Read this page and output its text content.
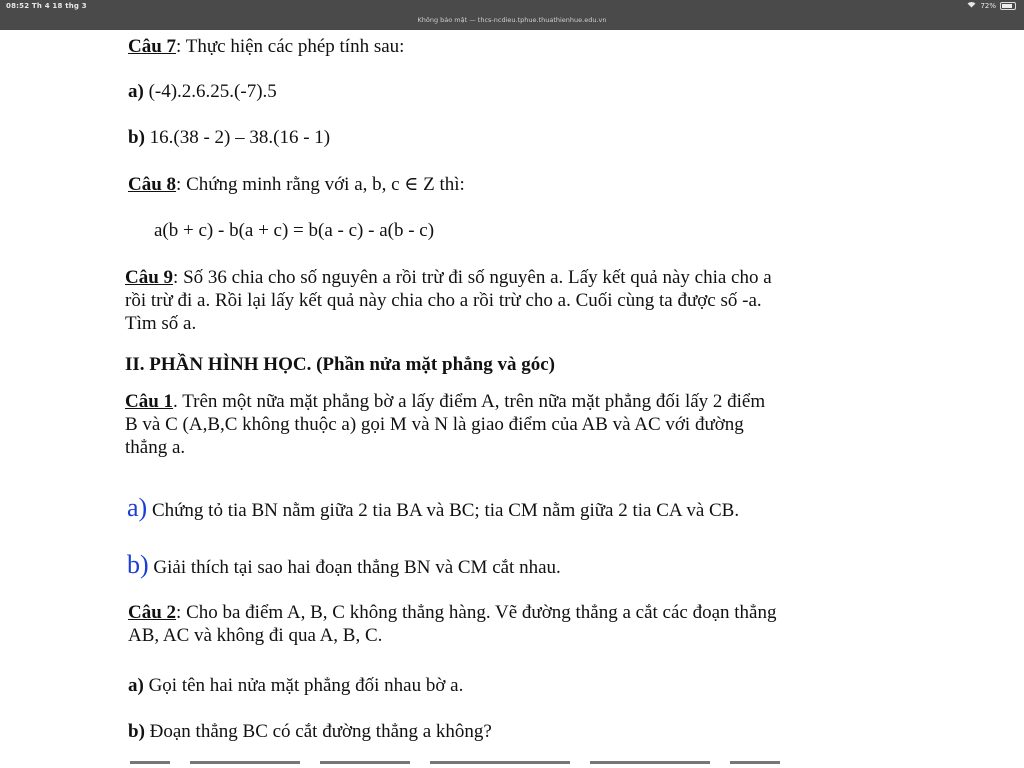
08:52 Th 4 18 thg 3
Không bảo mật — thcs-ncdieu.tphue.thuathienhue.edu.vn
72%
Câu 7: Thực hiện các phép tính sau:
a) (-4).2.6.25.(-7).5
b) 16.(38 - 2) – 38.(16 - 1)
Câu 8: Chứng minh rằng với a, b, c ∈ Z thì:
a(b + c) - b(a + c) = b(a - c) - a(b - c)
Câu 9: Số 36 chia cho số nguyên a rồi trừ đi số nguyên a. Lấy kết quả này chia cho a
rồi trừ đi a. Rồi lại lấy kết quả này chia cho a rồi trừ cho a. Cuối cùng ta được số -a.
Tìm số a.
II. PHẦN HÌNH HỌC. (Phần nửa mặt phẳng và góc)
Câu 1. Trên một nữa mặt phẳng bờ a lấy điểm A, trên nữa mặt phẳng đối lấy 2 điểm
B và C (A,B,C không thuộc a) gọi M và N là giao điểm của AB và AC với đường
thẳng a.
a) Chứng tỏ tia BN nằm giữa 2 tia BA và BC; tia CM nằm giữa 2 tia CA và CB.
b) Giải thích tại sao hai đoạn thẳng BN và CM cắt nhau.
Câu 2: Cho ba điểm A, B, C không thẳng hàng. Vẽ đường thẳng a cắt các đoạn thẳng
AB, AC và không đi qua A, B, C.
a) Gọi tên hai nửa mặt phẳng đối nhau bờ a.
b) Đoạn thẳng BC có cắt đường thẳng a không?
